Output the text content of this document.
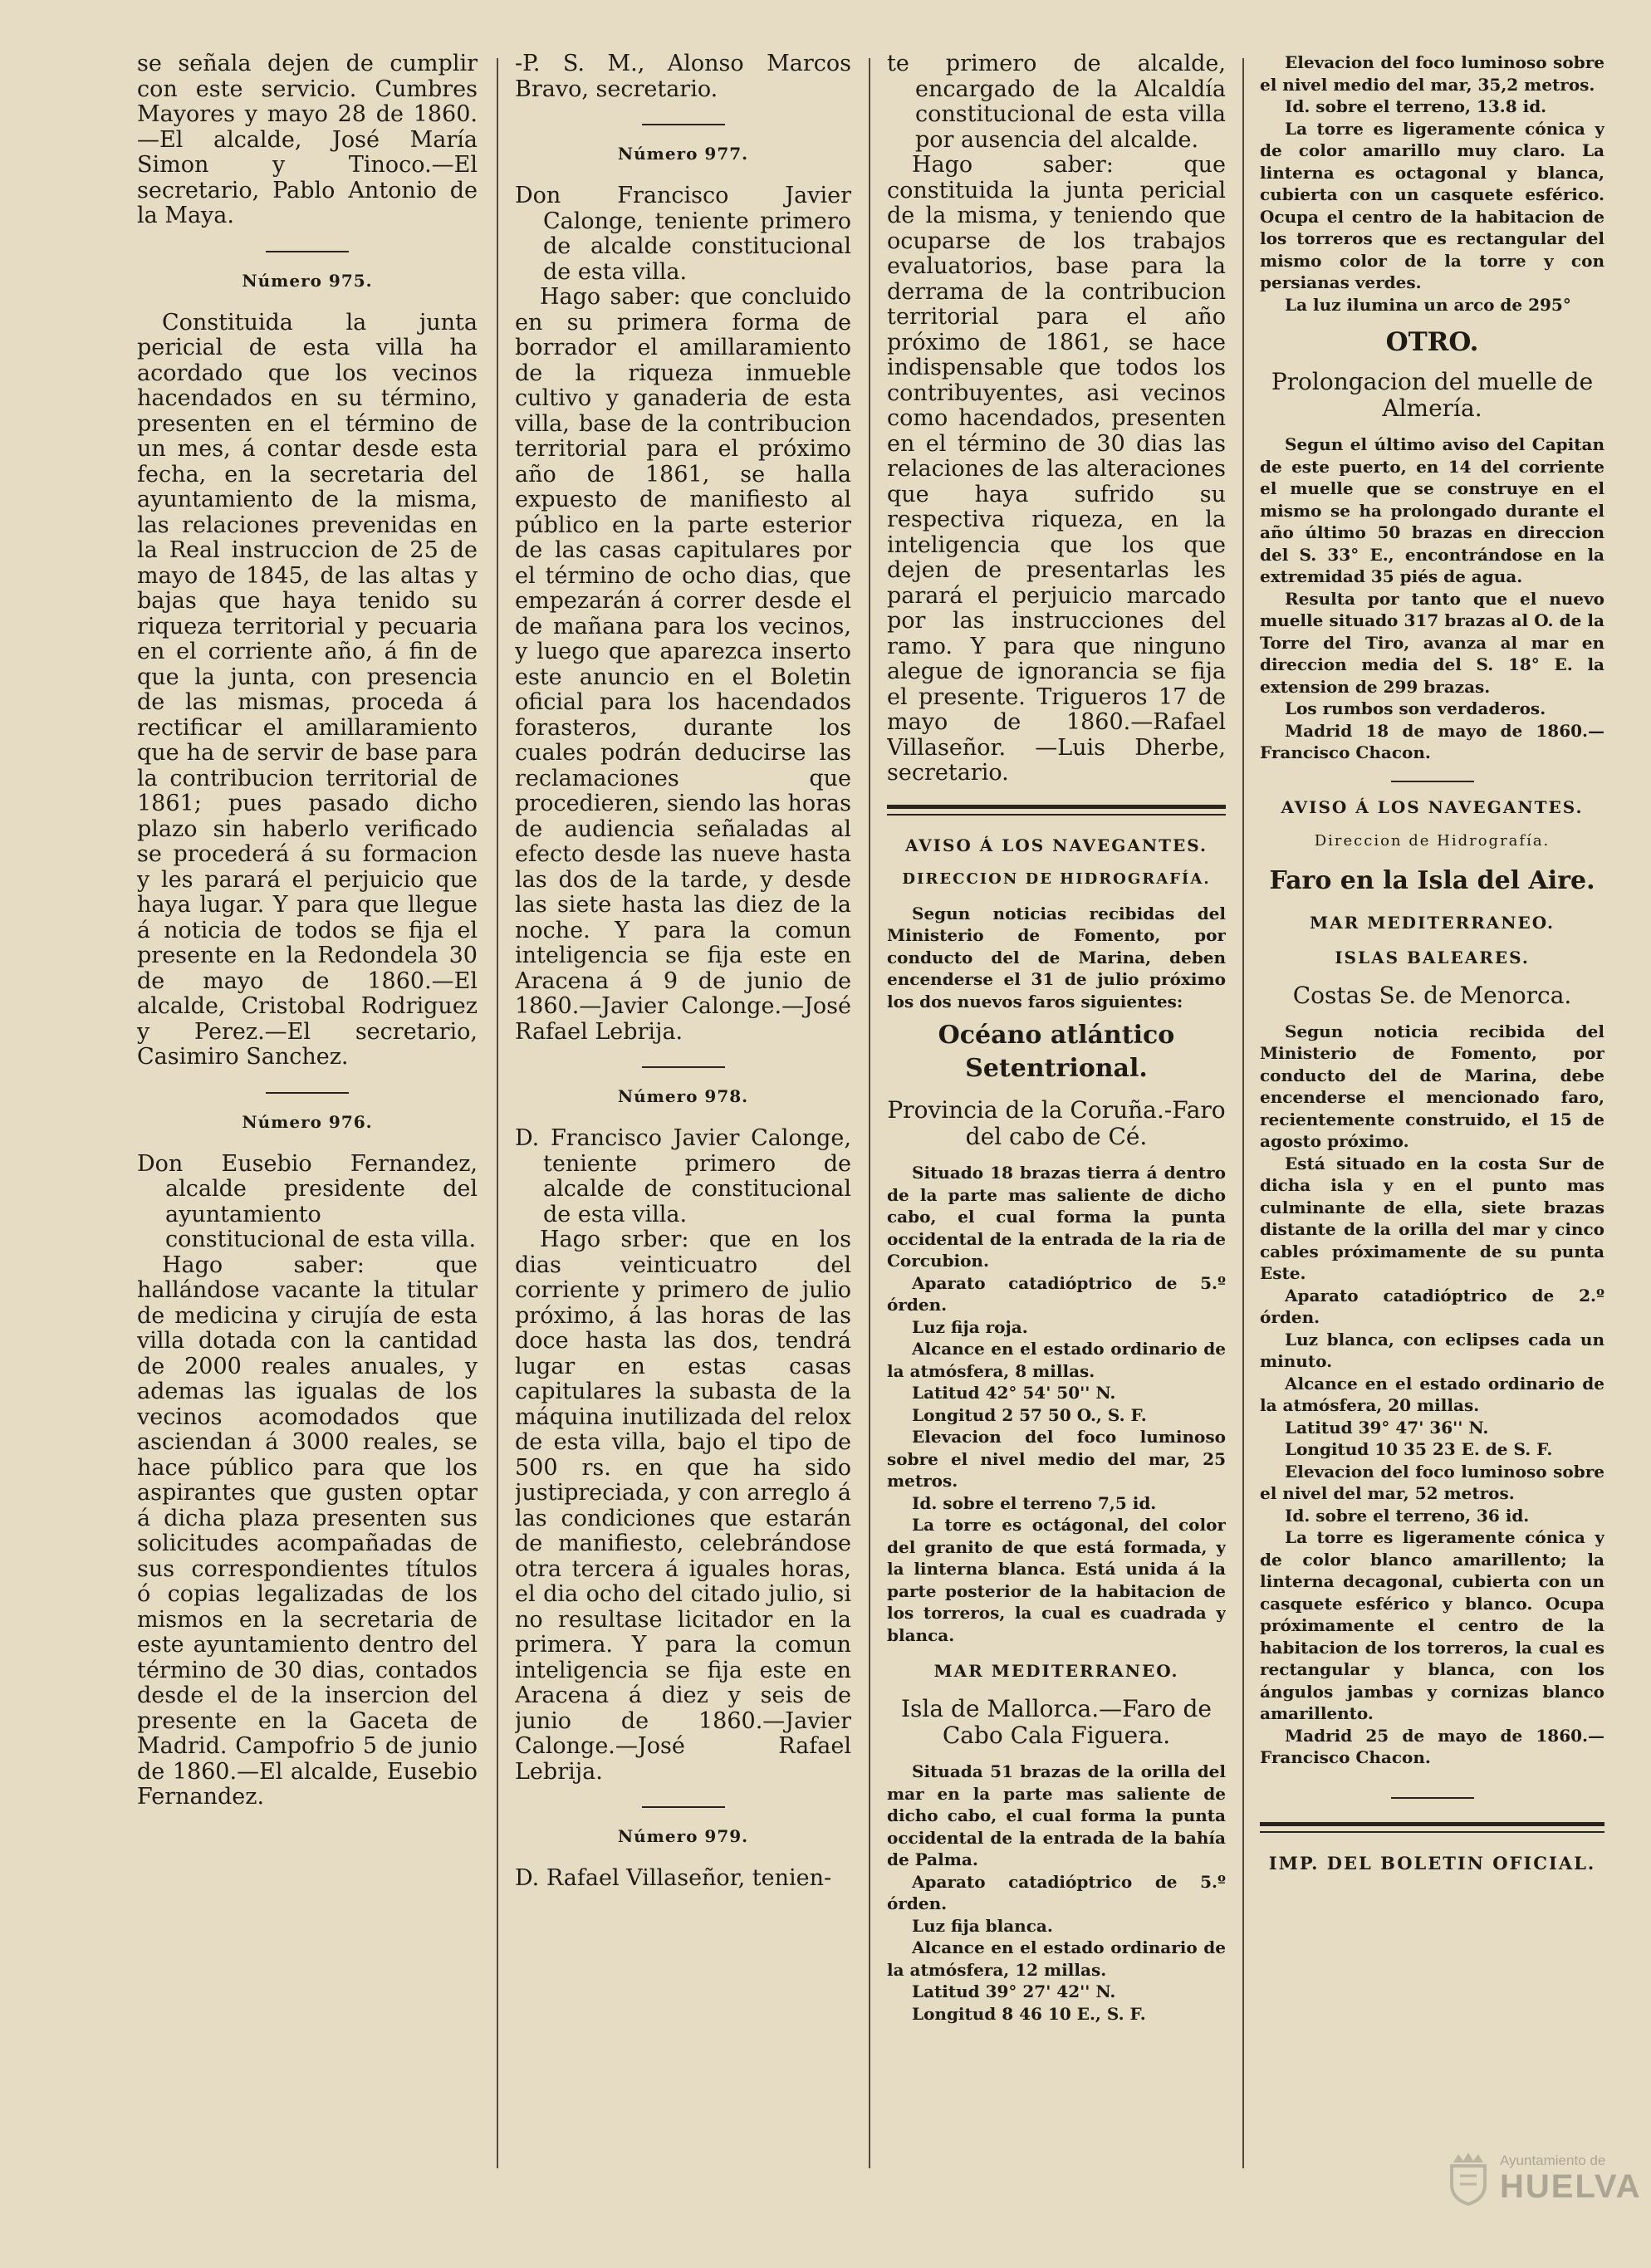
se señala dejen de cumplir con este servicio. Cumbres Mayores y mayo 28 de 1860. —El alcalde, José María Simon y Tinoco.—El secretario, Pablo Antonio de la Maya.

Número 975.

Constituida la junta pericial de esta villa ha acordado que los vecinos hacendados en su término, presenten en el término de un mes, á contar desde esta fecha, en la secretaria del ayuntamiento de la misma, las relaciones prevenidas en la Real instruccion de 25 de mayo de 1845, de las altas y bajas que haya tenido su riqueza territorial y pecuaria en el corriente año, á fin de que la junta, con presencia de las mismas, proceda á rectificar el amillaramiento que ha de servir de base para la contribucion territorial de 1861; pues pasado dicho plazo sin haberlo verificado se procederá á su formacion y les parará el perjuicio que haya lugar. Y para que llegue á noticia de todos se fija el presente en la Redondela 30 de mayo de 1860.—El alcalde, Cristobal Rodriguez y Perez.—El secretario, Casimiro Sanchez.

Número 976.

Don Eusebio Fernandez, alcalde presidente del ayuntamiento constitucional de esta villa.

Hago saber: que hallándose vacante la titular de medicina y cirujía de esta villa dotada con la cantidad de 2000 reales anuales, y ademas las igualas de los vecinos acomodados que asciendan á 3000 reales, se hace público para que los aspirantes que gusten optar á dicha plaza presenten sus solicitudes acompañadas de sus correspondientes títulos ó copias legalizadas de los mismos en la secretaria de este ayuntamiento dentro del término de 30 dias, contados desde el de la insercion del presente en la Gaceta de Madrid. Campofrio 5 de junio de 1860.—El alcalde, Eusebio Fernandez.

-P. S. M., Alonso Marcos Bravo, secretario.

Número 977.

Don Francisco Javier Calonge, teniente primero de alcalde constitucional de esta villa.

Hago saber: que concluido en su primera forma de borrador el amillaramiento de la riqueza inmueble cultivo y ganaderia de esta villa, base de la contribucion territorial para el próximo año de 1861, se halla expuesto de manifiesto al público en la parte esterior de las casas capitulares por el término de ocho dias, que empezarán á correr desde el de mañana para los vecinos, y luego que aparezca inserto este anuncio en el Boletin oficial para los hacendados forasteros, durante los cuales podrán deducirse las reclamaciones que procedieren, siendo las horas de audiencia señaladas al efecto desde las nueve hasta las dos de la tarde, y desde las siete hasta las diez de la noche. Y para la comun inteligencia se fija este en Aracena á 9 de junio de 1860.—Javier Calonge.—José Rafael Lebrija.

Número 978.

D. Francisco Javier Calonge, teniente primero de alcalde de constitucional de esta villa.

Hago srber: que en los dias veinticuatro del corriente y primero de julio próximo, á las horas de las doce hasta las dos, tendrá lugar en estas casas capitulares la subasta de la máquina inutilizada del relox de esta villa, bajo el tipo de 500 rs. en que ha sido justipreciada, y con arreglo á las condiciones que estarán de manifiesto, celebrándose otra tercera á iguales horas, el dia ocho del citado julio, si no resultase licitador en la primera. Y para la comun inteligencia se fija este en Aracena á diez y seis de junio de 1860.—Javier Calonge.—José Rafael Lebrija.

Número 979.

D. Rafael Villaseñor, tenien-

te primero de alcalde, encargado de la Alcaldía constitucional de esta villa por ausencia del alcalde.

Hago saber: que constituida la junta pericial de la misma, y teniendo que ocuparse de los trabajos evaluatorios, base para la derrama de la contribucion territorial para el año próximo de 1861, se hace indispensable que todos los contribuyentes, asi vecinos como hacendados, presenten en el término de 30 dias las relaciones de las alteraciones que haya sufrido su respectiva riqueza, en la inteligencia que los que dejen de presentarlas les parará el perjuicio marcado por las instrucciones del ramo. Y para que ninguno alegue de ignorancia se fija el presente. Trigueros 17 de mayo de 1860.—Rafael Villaseñor. —Luis Dherbe, secretario.

AVISO Á LOS NAVEGANTES.
DIRECCION DE HIDROGRAFÍA.

Segun noticias recibidas del Ministerio de Fomento, por conducto del de Marina, deben encenderse el 31 de julio próximo los dos nuevos faros siguientes:

Océano atlántico Setentrional.
Provincia de la Coruña.-Faro del cabo de Cé.

Situado 18 brazas tierra á dentro de la parte mas saliente de dicho cabo, el cual forma la punta occidental de la entrada de la ria de Corcubion.

Aparato catadióptrico de 5.º órden.

Luz fija roja.

Alcance en el estado ordinario de la atmósfera, 8 millas.

Latitud 42° 54' 50'' N.

Longitud 2 57 50 O., S. F.

Elevacion del foco luminoso sobre el nivel medio del mar, 25 metros.

Id. sobre el terreno 7,5 id.

La torre es octágonal, del color del granito de que está formada, y la linterna blanca. Está unida á la parte posterior de la habitacion de los torreros, la cual es cuadrada y blanca.

MAR MEDITERRANEO.
Isla de Mallorca.—Faro de Cabo Cala Figuera.

Situada 51 brazas de la orilla del mar en la parte mas saliente de dicho cabo, el cual forma la punta occidental de la entrada de la bahía de Palma.

Aparato catadióptrico de 5.º órden.

Luz fija blanca.

Alcance en el estado ordinario de la atmósfera, 12 millas.

Latitud 39° 27' 42'' N.

Longitud 8 46 10 E., S. F.

Elevacion del foco luminoso sobre el nivel medio del mar, 35,2 metros.

Id. sobre el terreno, 13.8 id.

La torre es ligeramente cónica y de color amarillo muy claro. La linterna es octagonal y blanca, cubierta con un casquete esférico. Ocupa el centro de la habitacion de los torreros que es rectangular del mismo color de la torre y con persianas verdes.

La luz ilumina un arco de 295°

OTRO.
Prolongacion del muelle de Almería.

Segun el último aviso del Capitan de este puerto, en 14 del corriente el muelle que se construye en el mismo se ha prolongado durante el año último 50 brazas en direccion del S. 33° E., encontrándose en la extremidad 35 piés de agua.

Resulta por tanto que el nuevo muelle situado 317 brazas al O. de la Torre del Tiro, avanza al mar en direccion media del S. 18° E. la extension de 299 brazas.

Los rumbos son verdaderos.

Madrid 18 de mayo de 1860.— Francisco Chacon.

AVISO Á LOS NAVEGANTES.
Direccion de Hidrografía.
Faro en la Isla del Aire.
MAR MEDITERRANEO.
ISLAS BALEARES.
Costas Se. de Menorca.

Segun noticia recibida del Ministerio de Fomento, por conducto del de Marina, debe encenderse el mencionado faro, recientemente construido, el 15 de agosto próximo.

Está situado en la costa Sur de dicha isla y en el punto mas culminante de ella, siete brazas distante de la orilla del mar y cinco cables próximamente de su punta Este.

Aparato catadióptrico de 2.º órden.

Luz blanca, con eclipses cada un minuto.

Alcance en el estado ordinario de la atmósfera, 20 millas.

Latitud 39° 47' 36'' N.

Longitud 10 35 23 E. de S. F.

Elevacion del foco luminoso sobre el nivel del mar, 52 metros.

Id. sobre el terreno, 36 id.

La torre es ligeramente cónica y de color blanco amarillento; la linterna decagonal, cubierta con un casquete esférico y blanco. Ocupa próximamente el centro de la habitacion de los torreros, la cual es rectangular y blanca, con los ángulos jambas y cornizas blanco amarillento.

Madrid 25 de mayo de 1860.— Francisco Chacon.

IMP. DEL BOLETIN OFICIAL.
Ayuntamiento de
HUELVA
